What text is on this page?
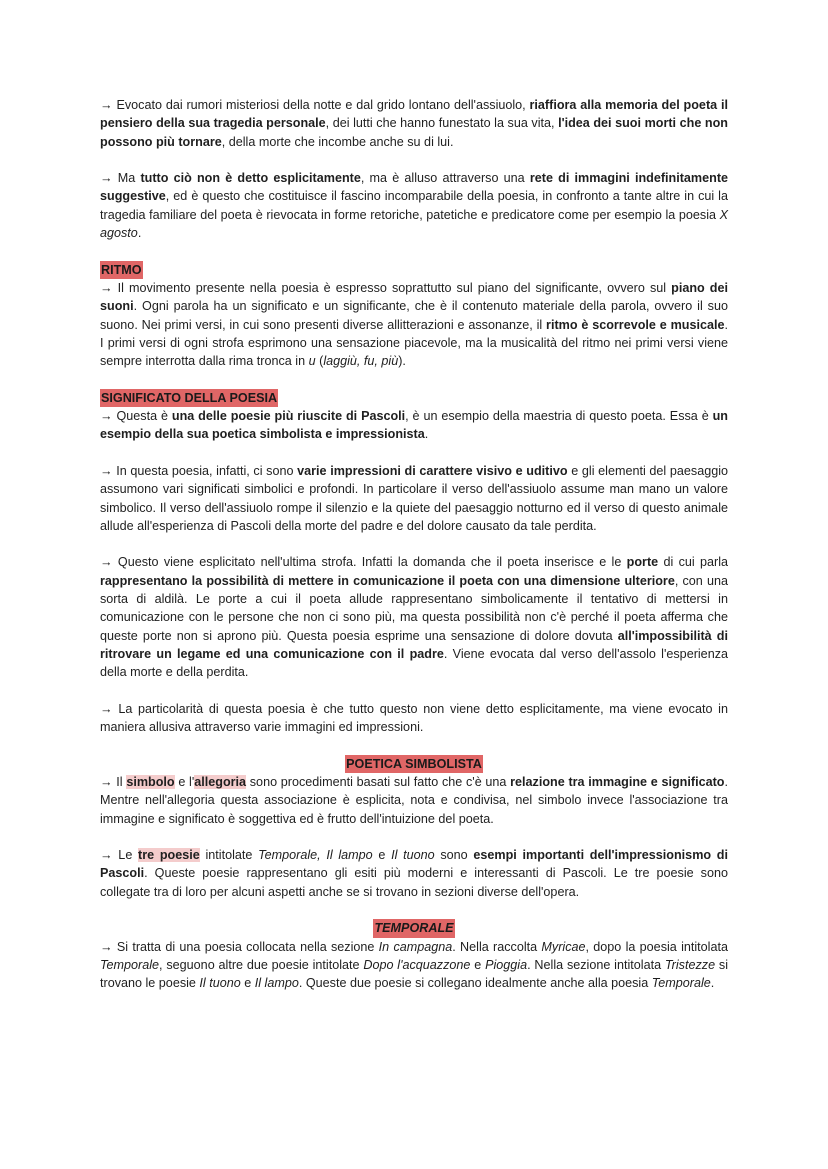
→ Evocato dai rumori misteriosi della notte e dal grido lontano dell'assiuolo, riaffiora alla memoria del poeta il pensiero della sua tragedia personale, dei lutti che hanno funestato la sua vita, l'idea dei suoi morti che non possono più tornare, della morte che incombe anche su di lui.

→ Ma tutto ciò non è detto esplicitamente, ma è alluso attraverso una rete di immagini indefinitamente suggestive, ed è questo che costituisce il fascino incomparabile della poesia, in confronto a tante altre in cui la tragedia familiare del poeta è rievocata in forme retoriche, patetiche e predicatore come per esempio la poesia X agosto.

RITMO

→ Il movimento presente nella poesia è espresso soprattutto sul piano del significante, ovvero sul piano dei suoni. Ogni parola ha un significato e un significante, che è il contenuto materiale della parola, ovvero il suo suono. Nei primi versi, in cui sono presenti diverse allitterazioni e assonanze, il ritmo è scorrevole e musicale. I primi versi di ogni strofa esprimono una sensazione piacevole, ma la musicalità del ritmo nei primi versi viene sempre interrotta dalla rima tronca in u (laggiù, fu, più).

SIGNIFICATO DELLA POESIA

→ Questa è una delle poesie più riuscite di Pascoli, è un esempio della maestria di questo poeta. Essa è un esempio della sua poetica simbolista e impressionista.

→ In questa poesia, infatti, ci sono varie impressioni di carattere visivo e uditivo e gli elementi del paesaggio assumono vari significati simbolici e profondi. In particolare il verso dell'assiuolo assume man mano un valore simbolico. Il verso dell'assiuolo rompe il silenzio e la quiete del paesaggio notturno ed il verso di questo animale allude all'esperienza di Pascoli della morte del padre e del dolore causato da tale perdita.

→ Questo viene esplicitato nell'ultima strofa. Infatti la domanda che il poeta inserisce e le porte di cui parla rappresentano la possibilità di mettere in comunicazione il poeta con una dimensione ulteriore, con una sorta di aldilà. Le porte a cui il poeta allude rappresentano simbolicamente il tentativo di mettersi in comunicazione con le persone che non ci sono più, ma questa possibilità non c'è perché il poeta afferma che queste porte non si aprono più. Questa poesia esprime una sensazione di dolore dovuta all'impossibilità di ritrovare un legame ed una comunicazione con il padre. Viene evocata dal verso dell'assolo l'esperienza della morte e della perdita.

→ La particolarità di questa poesia è che tutto questo non viene detto esplicitamente, ma viene evocato in maniera allusiva attraverso varie immagini ed impressioni.

POETICA SIMBOLISTA

→ Il simbolo e l'allegoria sono procedimenti basati sul fatto che c'è una relazione tra immagine e significato. Mentre nell'allegoria questa associazione è esplicita, nota e condivisa, nel simbolo invece l'associazione tra immagine e significato è soggettiva ed è frutto dell'intuizione del poeta.

→ Le tre poesie intitolate Temporale, Il lampo e Il tuono sono esempi importanti dell'impressionismo di Pascoli. Queste poesie rappresentano gli esiti più moderni e interessanti di Pascoli. Le tre poesie sono collegate tra di loro per alcuni aspetti anche se si trovano in sezioni diverse dell'opera.

TEMPORALE

→ Si tratta di una poesia collocata nella sezione In campagna. Nella raccolta Myricae, dopo la poesia intitolata Temporale, seguono altre due poesie intitolate Dopo l'acquazzone e Pioggia. Nella sezione intitolata Tristezze si trovano le poesie Il tuono e Il lampo. Queste due poesie si collegano idealmente anche alla poesia Temporale.
